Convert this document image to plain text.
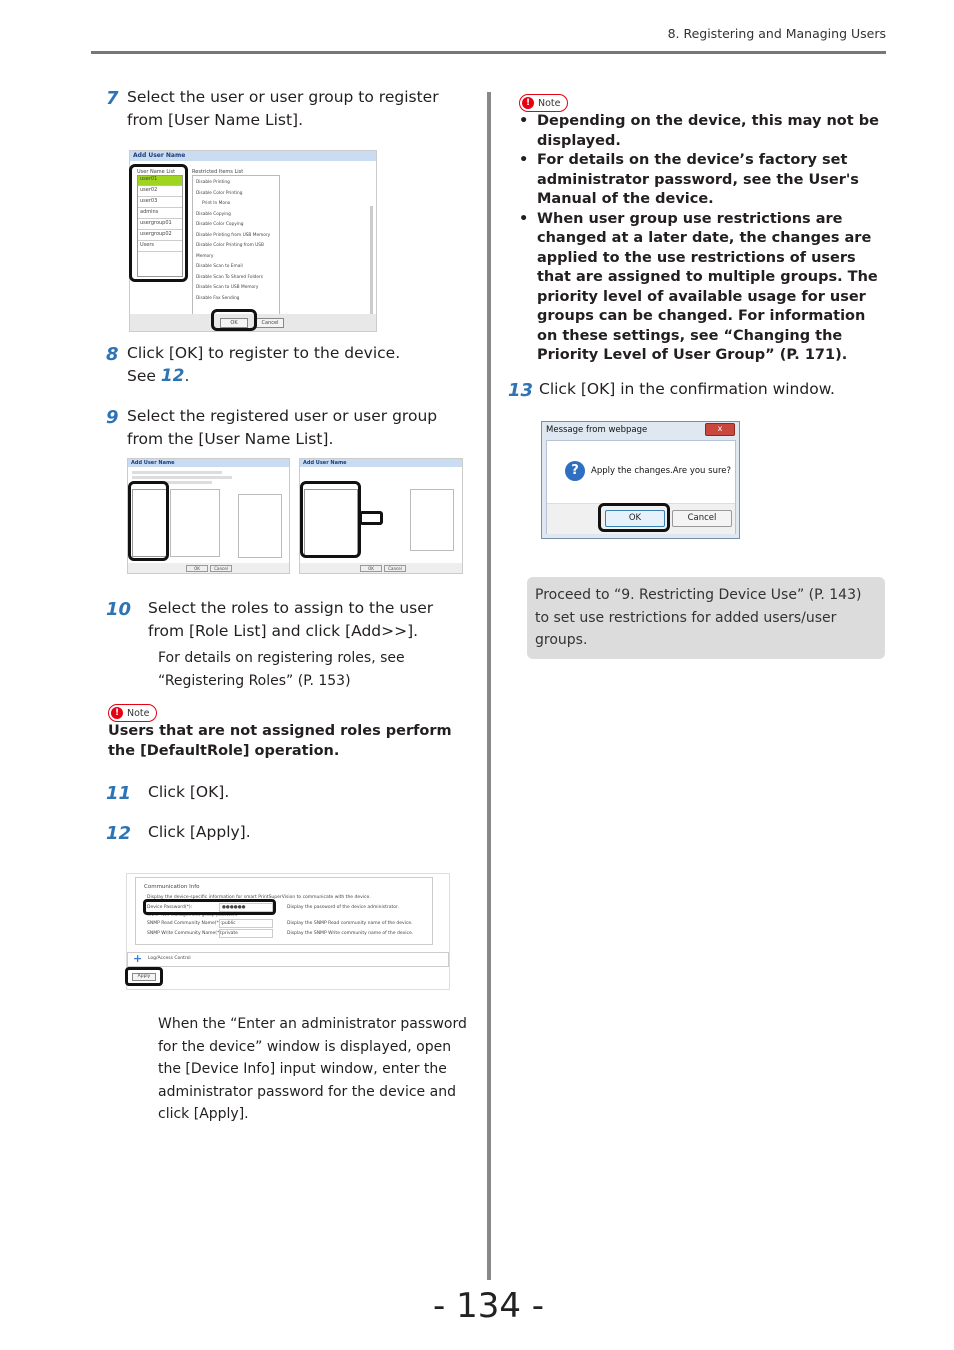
8. Registering and Managing Users
7 Select the user or user group to register from [User Name List].
Add User Name
User Name List
user01
user02
user03
admins
usergroup01
usergroup02
Users
Restricted Items List
Disable Printing
Disable Color Printing
Print In Mono
Disable Copying
Disable Color Copying
Disable Printing from USB Memory
Disable Color Printing from USB Memory
Disable Scan to Email
Disable Scan To Shared Folders
Disable Scan to USB Memory
Disable Fax Sending
OK	Cancel
8 Click [OK] to register to the device.
See 12.
9 Select the registered user or user group from the [User Name List].
Add User Name
OK	Cancel
Add User Name
OK	Cancel
10 Select the roles to assign to the user from [Role List] and click [Add>>].
For details on registering roles, see “Registering Roles” (P. 153)
! Note
Users that are not assigned roles perform the [DefaultRole] operation.
11 Click [OK].
12 Click [Apply].
Communication Info
Display the device-specific information for smart PrintSuperVision to communicate with the device.
Device Password(*):	●●●●●●	Display the password of the device administrator.
SNMP Net Management group password
SNMP Read Community Name(*): public	Display the SNMP Read community name of the device.
SNMP Write Community Name(*): private	Display the SNMP Write community name of the device.
+ Log/Access Control
Apply
When the “Enter an administrator password for the device” window is displayed, open the [Device Info] input window, enter the administrator password for the device and click [Apply].
! Note
• Depending on the device, this may not be displayed.
• For details on the device’s factory set administrator password, see the User's Manual of the device.
• When user group use restrictions are changed at a later date, the changes are applied to the use restrictions of users that are assigned to multiple groups. The priority level of available usage for user groups can be changed. For information on these settings, see “Changing the Priority Level of User Group” (P. 171).
13 Click [OK] in the confirmation window.
Message from webpage	x
?	Apply the changes.Are you sure?
OK	Cancel
Proceed to “9. Restricting Device Use” (P. 143) to set use restrictions for added users/user groups.
- 134 -
